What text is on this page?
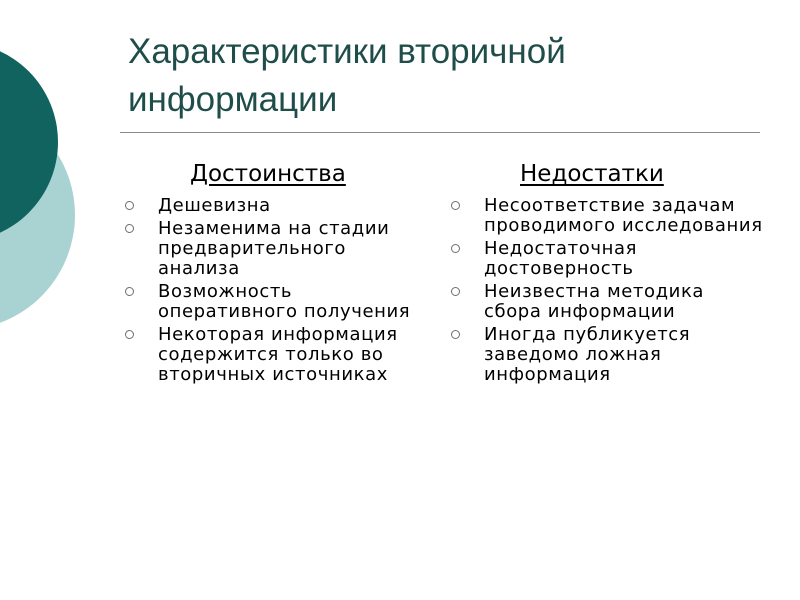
Характеристики вторичной информации
Достоинства
Дешевизна
Незаменима на стадии предварительного анализа
Возможность оперативного получения
Некоторая информация содержится только во вторичных источниках
Недостатки
Несоответствие задачам проводимого исследования
Недостаточная достоверность
Неизвестна методика сбора информации
Иногда публикуется заведомо ложная информация
